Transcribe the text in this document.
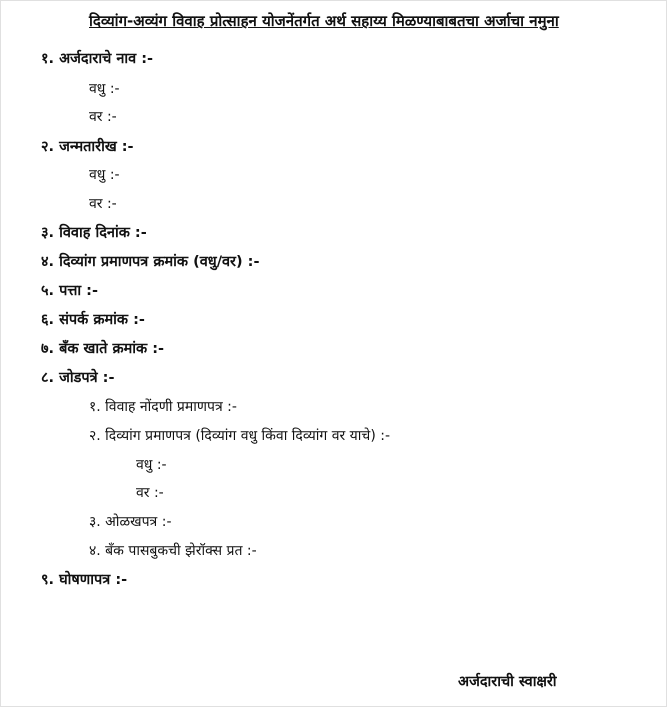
दिव्यांग-अव्यंग विवाह प्रोत्साहन योजनेंतर्गत अर्थ सहाय्य मिळण्याबाबतचा अर्जाचा नमुना
१. अर्जदाराचे नाव :-
वधु :-
वर :-
२. जन्मतारीख :-
वधु :-
वर :-
३. विवाह दिनांक :-
४. दिव्यांग प्रमाणपत्र क्रमांक (वधु/वर) :-
५. पत्ता :-
६. संपर्क क्रमांक :-
७. बँक खाते क्रमांक :-
८. जोडपत्रे :-
१. विवाह नोंदणी प्रमाणपत्र :-
२. दिव्यांग प्रमाणपत्र (दिव्यांग वधु किंवा दिव्यांग वर याचे) :-
वधु :-
वर :-
३. ओळखपत्र :-
४. बँक पासबुकची झेरॉक्स प्रत :-
९. घोषणापत्र :-
अर्जदाराची स्वाक्षरी
